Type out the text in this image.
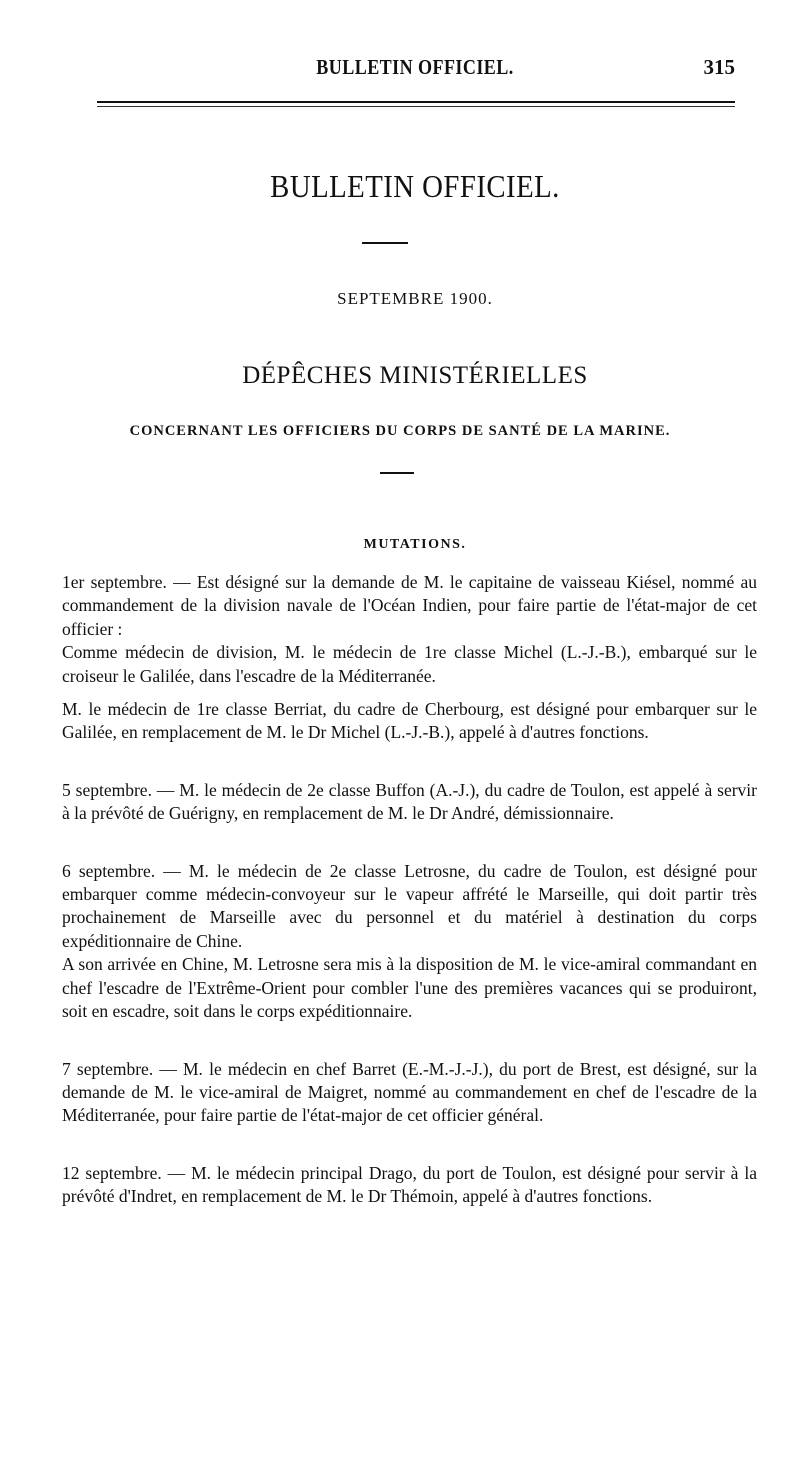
BULLETIN OFFICIEL.	315
BULLETIN OFFICIEL.
SEPTEMBRE 1900.
DÉPÊCHES MINISTÉRIELLES
CONCERNANT LES OFFICIERS DU CORPS DE SANTÉ DE LA MARINE.
MUTATIONS.

1er septembre. — Est désigné sur la demande de M. le capitaine de vaisseau Kiésel, nommé au commandement de la division navale de l'Océan Indien, pour faire partie de l'état-major de cet officier :

Comme médecin de division, M. le médecin de 1re classe Michel (L.-J.-B.), embarqué sur le croiseur le Galilée, dans l'escadre de la Méditerranée.

M. le médecin de 1re classe Berriat, du cadre de Cherbourg, est désigné pour embarquer sur le Galilée, en remplacement de M. le Dr Michel (L.-J.-B.), appelé à d'autres fonctions.

5 septembre. — M. le médecin de 2e classe Buffon (A.-J.), du cadre de Toulon, est appelé à servir à la prévôté de Guérigny, en remplacement de M. le Dr André, démissionnaire.

6 septembre. — M. le médecin de 2e classe Letrosne, du cadre de Toulon, est désigné pour embarquer comme médecin-convoyeur sur le vapeur affrété le Marseille, qui doit partir très prochainement de Marseille avec du personnel et du matériel à destination du corps expéditionnaire de Chine.

A son arrivée en Chine, M. Letrosne sera mis à la disposition de M. le vice-amiral commandant en chef l'escadre de l'Extrême-Orient pour combler l'une des premières vacances qui se produiront, soit en escadre, soit dans le corps expéditionnaire.

7 septembre. — M. le médecin en chef Barret (E.-M.-J.-J.), du port de Brest, est désigné, sur la demande de M. le vice-amiral de Maigret, nommé au commandement en chef de l'escadre de la Méditerranée, pour faire partie de l'état-major de cet officier général.

12 septembre. — M. le médecin principal Drago, du port de Toulon, est désigné pour servir à la prévôté d'Indret, en remplacement de M. le Dr Thémoin, appelé à d'autres fonctions.
